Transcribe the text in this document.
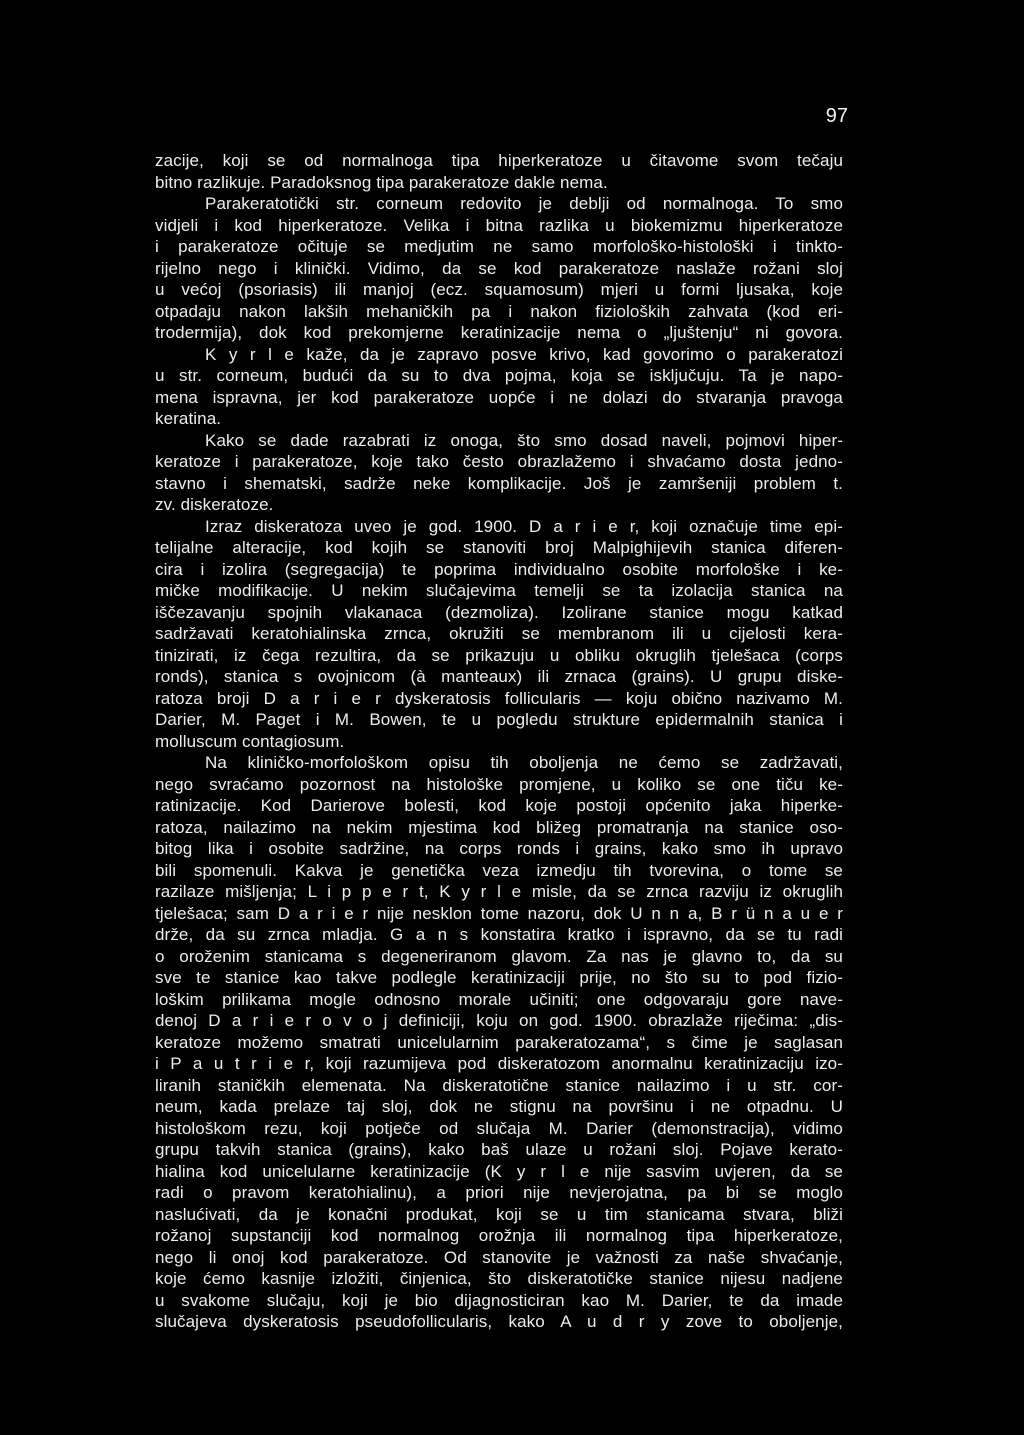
97
zacije, koji se od normalnoga tipa hiperkeratoze u čitavome svom tečaju
bitno razlikuje. Paradoksnog tipa parakeratoze dakle nema.
Parakeratotički str. corneum redovito je deblji od normalnoga. To smo
vidjeli i kod hiperkeratoze. Velika i bitna razlika u biokemizmu hiperkeratoze
i parakeratoze očituje se medjutim ne samo morfološko-histološki i tinkto-
rijelno nego i klinički. Vidimo, da se kod parakeratoze naslaže rožani sloj
u većoj (psoriasis) ili manjoj (ecz. squamosum) mjeri u formi ljusaka, koje
otpadaju nakon lakših mehaničkih pa i nakon fizioloških zahvata (kod eri-
trodermija), dok kod prekomjerne keratinizacije nema o „ljuštenju“ ni govora.
K y r l e kaže, da je zapravo posve krivo, kad govorimo o parakeratozi
u str. corneum, budući da su to dva pojma, koja se isključuju. Ta je napo-
mena ispravna, jer kod parakeratoze uopće i ne dolazi do stvaranja pravoga
keratina.
Kako se dade razabrati iz onoga, što smo dosad naveli, pojmovi hiper-
keratoze i parakeratoze, koje tako često obrazlažemo i shvaćamo dosta jedno-
stavno i shematski, sadrže neke komplikacije. Još je zamršeniji problem t.
zv. diskeratoze.
Izraz diskeratoza uveo je god. 1900. D a r i e r, koji označuje time epi-
telijalne alteracije, kod kojih se stanoviti broj Malpighijevih stanica diferen-
cira i izolira (segregacija) te poprima individualno osobite morfološke i ke-
mičke modifikacije. U nekim slučajevima temelji se ta izolacija stanica na
iščezavanju spojnih vlakanaca (dezmoliza). Izolirane stanice mogu katkad
sadržavati keratohialinska zrnca, okružiti se membranom ili u cijelosti kera-
tinizirati, iz čega rezultira, da se prikazuju u obliku okruglih tjelešaca (corps
ronds), stanica s ovojnicom (à manteaux) ili zrnaca (grains). U grupu diske-
ratoza broji D a r i e r dyskeratosis follicularis — koju obično nazivamo M.
Darier, M. Paget i M. Bowen, te u pogledu strukture epidermalnih stanica i
molluscum contagiosum.
Na kliničko-morfološkom opisu tih oboljenja ne ćemo se zadržavati,
nego svraćamo pozornost na histološke promjene, u koliko se one tiču ke-
ratinizacije. Kod Darierove bolesti, kod koje postoji općenito jaka hiperke-
ratoza, nailazimo na nekim mjestima kod bližeg promatranja na stanice oso-
bitog lika i osobite sadržine, na corps ronds i grains, kako smo ih upravo
bili spomenuli. Kakva je genetička veza izmedju tih tvorevina, o tome se
razilaze mišljenja; L i p p e r t, K y r l e misle, da se zrnca razviju iz okruglih
tjelešaca; sam D a r i e r nije nesklon tome nazoru, dok U n n a, B r ü n a u e r
drže, da su zrnca mladja. G a n s konstatira kratko i ispravno, da se tu radi
o oroženim stanicama s degeneriranom glavom. Za nas je glavno to, da su
sve te stanice kao takve podlegle keratinizaciji prije, no što su to pod fizio-
loškim prilikama mogle odnosno morale učiniti; one odgovaraju gore nave-
denoj D a r i e r o v o j definiciji, koju on god. 1900. obrazlaže riječima: „dis-
keratoze možemo smatrati unicelularnim parakeratozama“, s čime je saglasan
i P a u t r i e r, koji razumijeva pod diskeratozom anormalnu keratinizaciju izo-
liranih staničkih elemenata. Na diskeratotične stanice nailazimo i u str. cor-
neum, kada prelaze taj sloj, dok ne stignu na površinu i ne otpadnu. U
histološkom rezu, koji potječe od slučaja M. Darier (demonstracija), vidimo
grupu takvih stanica (grains), kako baš ulaze u rožani sloj. Pojave kerato-
hialina kod unicelularne keratinizacije (K y r l e nije sasvim uvjeren, da se
radi o pravom keratohialinu), a priori nije nevjerojatna, pa bi se moglo
naslućivati, da je konačni produkat, koji se u tim stanicama stvara, bliži
rožanoj supstanciji kod normalnog orožnja ili normalnog tipa hiperkeratoze,
nego li onoj kod parakeratoze. Od stanovite je važnosti za naše shvaćanje,
koje ćemo kasnije izložiti, činjenica, što diskeratotičke stanice nijesu nadjene
u svakome slučaju, koji je bio dijagnosticiran kao M. Darier, te da imade
slučajeva dyskeratosis pseudofollicularis, kako A u d r y zove to oboljenje,
